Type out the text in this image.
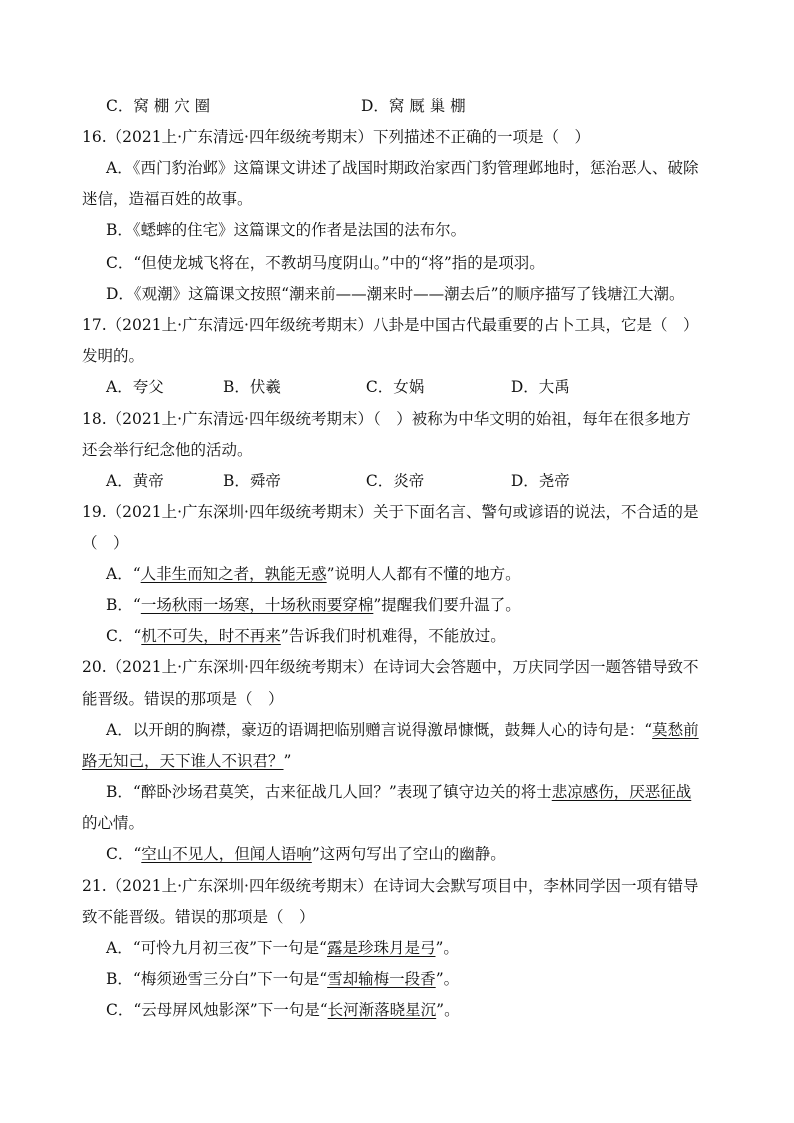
C．窝 棚 穴 圈	D．窝 厩 巢 棚
16.（2021上·广东清远·四年级统考期末）下列描述不正确的一项是（　）
A．《西门豹治邺》这篇课文讲述了战国时期政治家西门豹管理邺地时，惩治恶人、破除
迷信，造福百姓的故事。
B．《蟋蟀的住宅》这篇课文的作者是法国的法布尔。
C．“但使龙城飞将在，不教胡马度阴山。”中的“将”指的是项羽。
D．《观潮》这篇课文按照“潮来前——潮来时——潮去后”的顺序描写了钱塘江大潮。
17.（2021上·广东清远·四年级统考期末）八卦是中国古代最重要的占卜工具，它是（　）
发明的。
A．夸父	B．伏羲	C．女娲	D．大禹
18.（2021上·广东清远·四年级统考期末）（　）被称为中华文明的始祖，每年在很多地方
还会举行纪念他的活动。
A．黄帝	B．舜帝	C．炎帝	D．尧帝
19.（2021上·广东深圳·四年级统考期末）关于下面名言、警句或谚语的说法，不合适的是
（　）
A．“人非生而知之者，孰能无惑”说明人人都有不懂的地方。
B．“一场秋雨一场寒，十场秋雨要穿棉”提醒我们要升温了。
C．“机不可失，时不再来”告诉我们时机难得，不能放过。
20.（2021上·广东深圳·四年级统考期末）在诗词大会答题中，万庆同学因一题答错导致不
能晋级。错误的那项是（　）
A．以开朗的胸襟，豪迈的语调把临别赠言说得激昂慷慨，鼓舞人心的诗句是：“莫愁前
路无知己，天下谁人不识君？”
B．“醉卧沙场君莫笑，古来征战几人回？”表现了镇守边关的将士悲凉感伤，厌恶征战
的心情。
C．“空山不见人，但闻人语响”这两句写出了空山的幽静。
21.（2021上·广东深圳·四年级统考期末）在诗词大会默写项目中，李林同学因一项有错导
致不能晋级。错误的那项是（　）
A．“可怜九月初三夜”下一句是“露是珍珠月是弓”。
B．“梅须逊雪三分白”下一句是“雪却输梅一段香”。
C．“云母屏风烛影深”下一句是“长河渐落晓星沉”。
